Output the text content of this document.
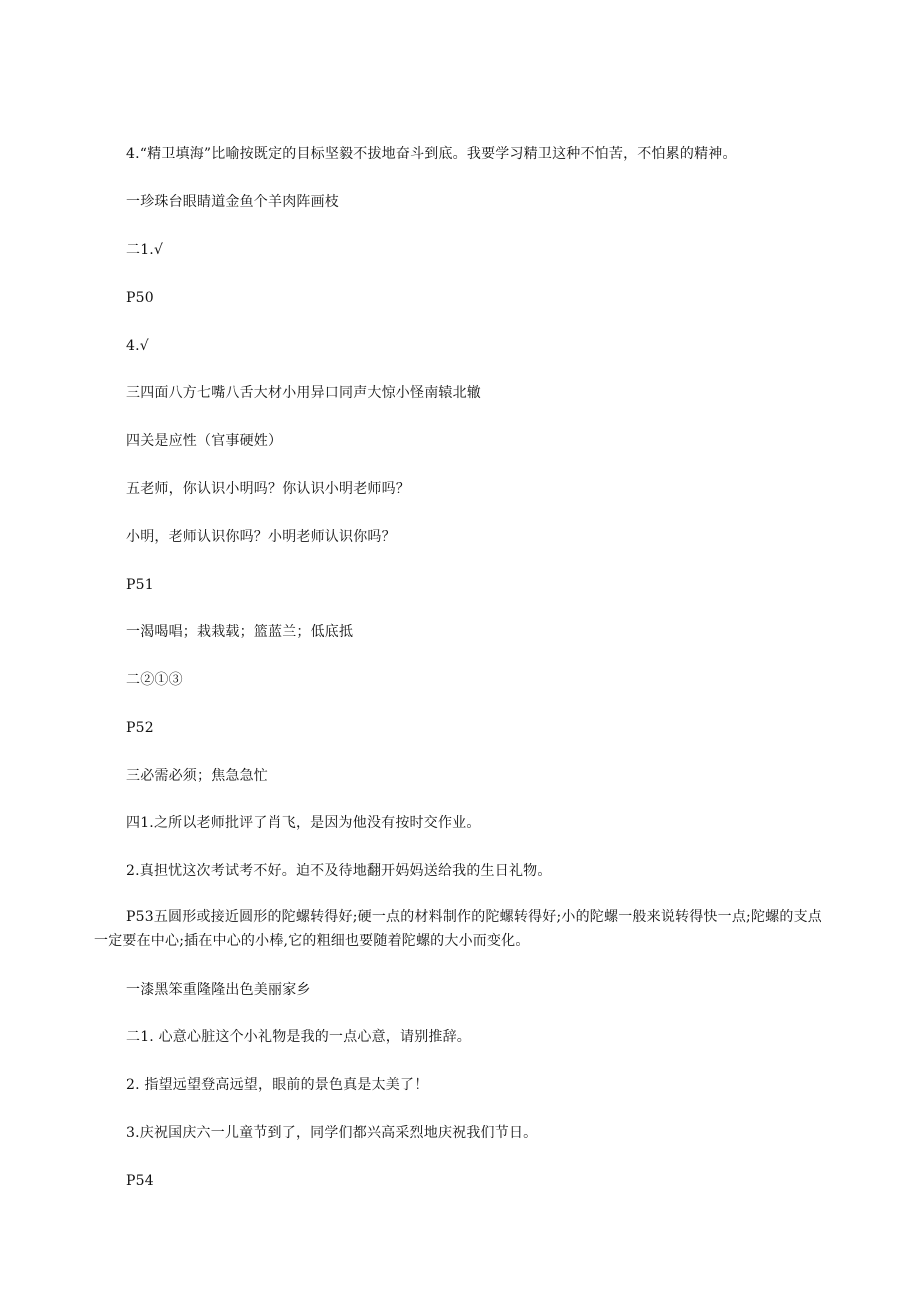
4.“精卫填海”比喻按既定的目标坚毅不拔地奋斗到底。我要学习精卫这种不怕苦，不怕累的精神。
一珍珠台眼睛道金鱼个羊肉阵画枝
二1.√
P50
4.√
三四面八方七嘴八舌大材小用异口同声大惊小怪南辕北辙
四关是应性（官事硬姓）
五老师，你认识小明吗？你认识小明老师吗？
小明，老师认识你吗？小明老师认识你吗？
P51
一渴喝唱；栽栽载；篮蓝兰；低底抵
二②①③
P52
三必需必须；焦急急忙
四1.之所以老师批评了肖飞，是因为他没有按时交作业。
2.真担忧这次考试考不好。迫不及待地翻开妈妈送给我的生日礼物。
P53五圆形或接近圆形的陀螺转得好;硬一点的材料制作的陀螺转得好;小的陀螺一般来说转得快一点;陀螺的支点一定要在中心;插在中心的小棒,它的粗细也要随着陀螺的大小而变化。
一漆黑笨重隆隆出色美丽家乡
二1. 心意心脏这个小礼物是我的一点心意，请别推辞。
2. 指望远望登高远望，眼前的景色真是太美了！
3.庆祝国庆六一儿童节到了，同学们都兴高采烈地庆祝我们节日。
P54
